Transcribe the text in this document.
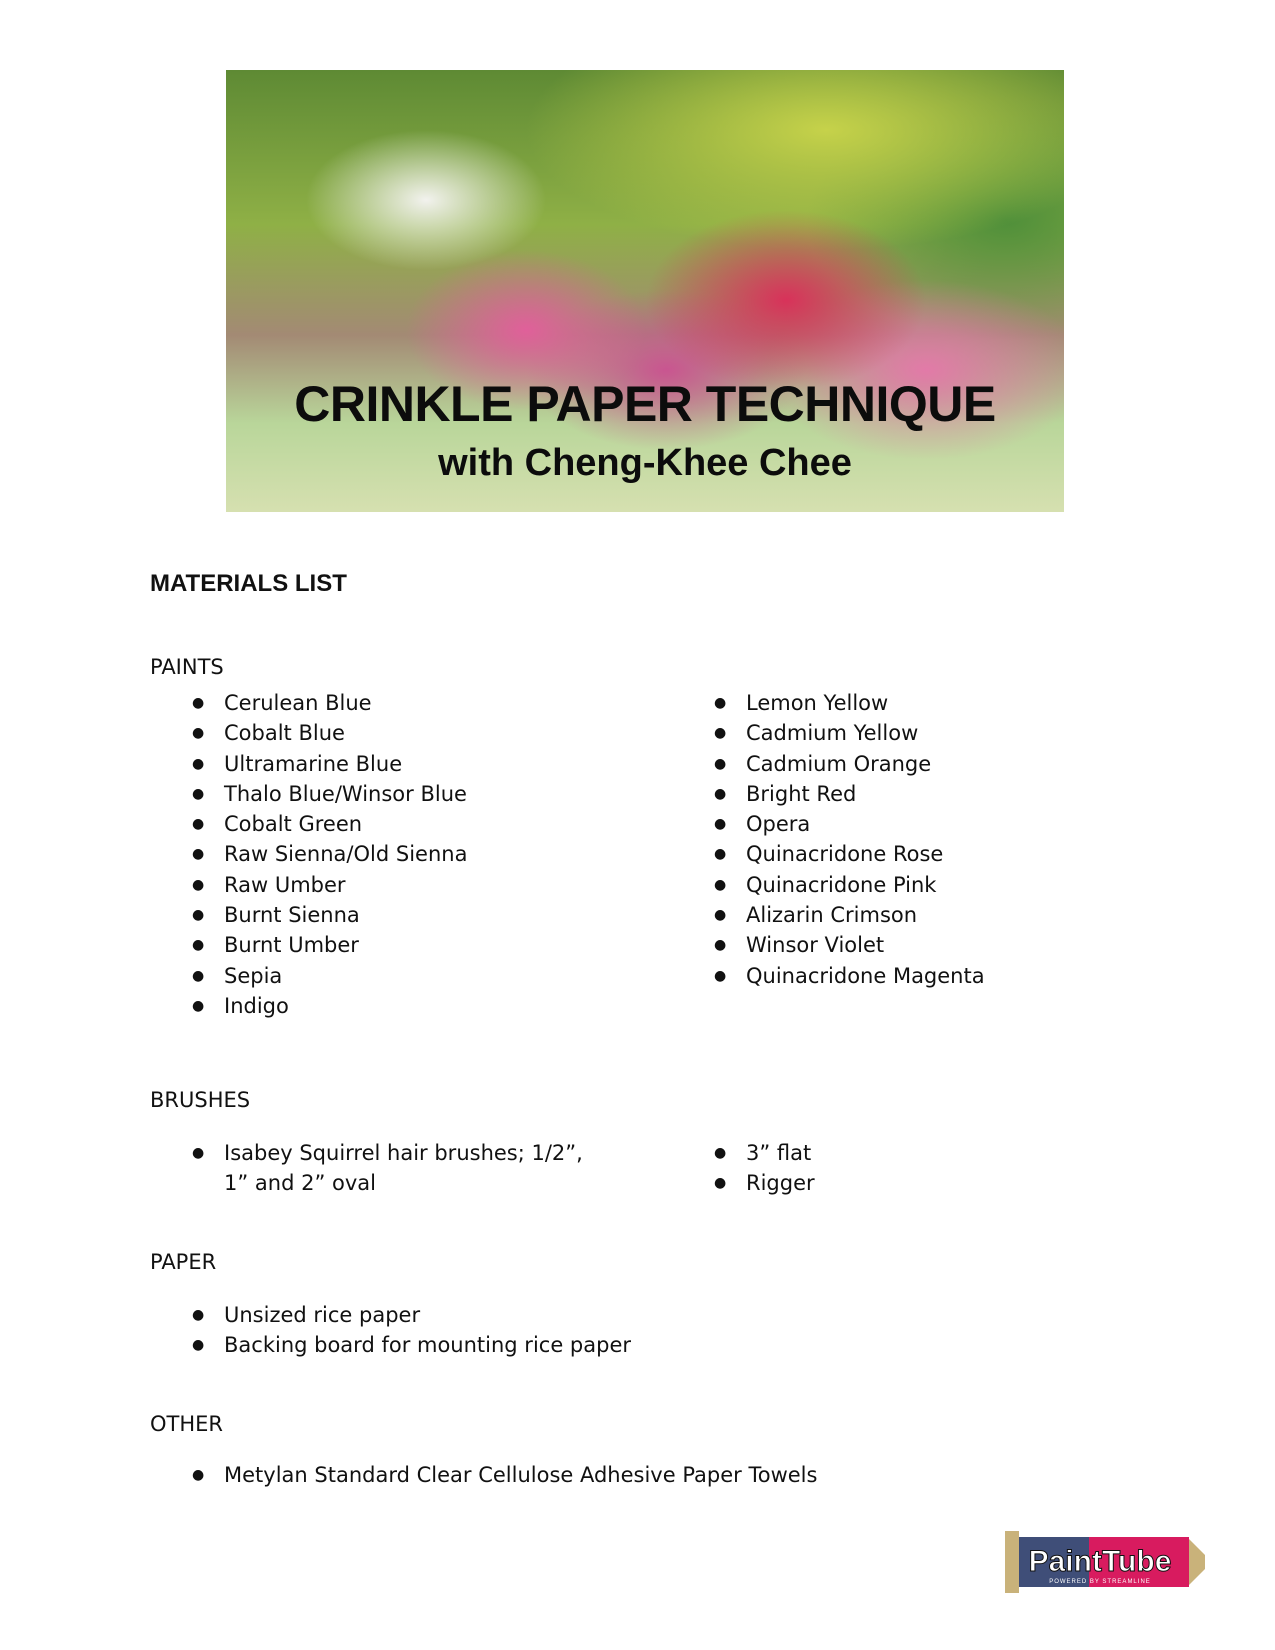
CRINKLE PAPER TECHNIQUE
with Cheng-Khee Chee
MATERIALS LIST
PAINTS
● Cerulean Blue
● Cobalt Blue
● Ultramarine Blue
● Thalo Blue/Winsor Blue
● Cobalt Green
● Raw Sienna/Old Sienna
● Raw Umber
● Burnt Sienna
● Burnt Umber
● Sepia
● Indigo
● Lemon Yellow
● Cadmium Yellow
● Cadmium Orange
● Bright Red
● Opera
● Quinacridone Rose
● Quinacridone Pink
● Alizarin Crimson
● Winsor Violet
● Quinacridone Magenta
BRUSHES
● Isabey Squirrel hair brushes; 1/2”, 1” and 2” oval
● 3” flat
● Rigger
PAPER
● Unsized rice paper
● Backing board for mounting rice paper
OTHER
● Metylan Standard Clear Cellulose Adhesive Paper Towels
PaintTube
POWERED BY STREAMLINE
